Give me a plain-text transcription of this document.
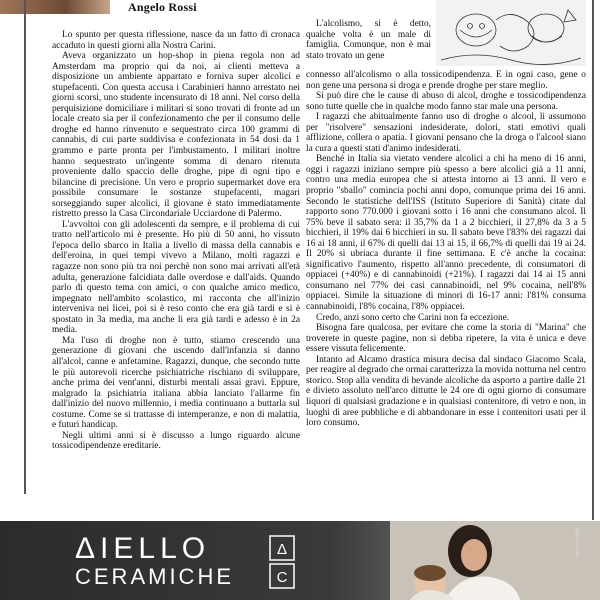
Angelo Rossi

Lo spunto per questa riflessione, nasce da un fatto di cronaca accaduto in questi giorni alla Nostra Carini.

Aveva organizzato un hop-shop in piena regola non ad Amsterdam ma proprio qui da noi, ai clienti metteva a disposizione un ambiente appartato e forniva super alcolici e stupefacenti. Con questa accusa i Carabinieri hanno arrestato nei giorni scorsi, uno studente incensurato di 18 anni. Nel corso della perquisizione domiciliare i militari si sono trovati di fronte ad un locale creato sia per il confezionamento che per il consumo delle droghe ed hanno rinvenuto e sequestrato circa 100 grammi di cannabis, di cui parte suddivisa e confezionata in 54 dosi da 1 grammo e parte pronta per l'imbustamento. I militari inoltre hanno sequestrato un'ingente somma di denaro ritenuta proveniente dallo spaccio delle droghe, pipe di ogni tipo e bilancine di precisione. Un vero e proprio supermarket dove era possibile consumare le sostanze stupefacenti, magari sorseggiando super alcolici, il giovane è stato immediatamente ristretto presso la Casa Circondariale Ucciardone di Palermo.

L'avvoltoi con gli adolescenti da sempre, e il problema di cui tratto nell'articolo mi è presente. Ho più di 50 anni, ho vissuto l'epoca dello sbarco in Italia a livello di massa della cannabis e dell'eroina, in quei tempi vivevo a Milano, molti ragazzi e ragazze non sono più tra noi perchè non sono mai arrivati all'età adulta, generazione falcidiata dalle overdose e dall'aids. Quando parlo di questo tema con amici, o con qualche amico medico, impegnato nell'ambito scolastico, mi racconta che all'inizio interveniva nei licei, poi si è reso conto che era già tardi e si è spostato in 3a media, ma anche lì era già tardi e adesso è in 2a media.

Ma l'uso di droghe non è tutto, stiamo crescendo una generazione di giovani che uscendo dall'infanzia si danno all'alcol, canne e anfetamine. Ragazzi, dunque, che secondo tutte le più autorevoli ricerche psichiatriche rischiano di sviluppare, anche prima dei vent'anni, disturbi mentali assai gravi. Eppure, malgrado la psichiatria italiana abbia lanciato l'allarme fin dall'inizio del nuovo millennio, i media continuano a buttarla sul costume. Come se si trattasse di intemperanze, e non di malattia, e futuri handicap.

Negli ultimi anni si è discusso a lungo riguardo alcune tossicodipendenze ereditarie.

L'alcolismo, si è detto, qualche volta è un male di famiglia. Comunque, non è mai stato trovato un gene

connesso all'alcolismo o alla tossicodipendenza. E in ogni caso, gene o non gene una persona si droga e prende droghe per stare meglio.

Si può dire che le cause di abuso di alcol, droghe e tossicodipendenza sono tutte quelle che in qualche modo fanno star male una persona.

I ragazzi che abitualmente fanno uso di droghe o alcool, li assumono per "risolvere" sensazioni indesiderate, dolori, stati emotivi quali afflizione, collera o apatia. I giovani pensano che la droga o l'alcool siano la cura a questi stati d'animo indesiderati.

Benché in Italia sia vietato vendere alcolici a chi ha meno di 16 anni, oggi i ragazzi iniziano sempre più spesso a bere alcolici già a 11 anni, contro una media europea che si attesta intorno ai 13 anni. Il vero e proprio "sballo" comincia pochi anni dopo, comunque prima dei 16 anni. Secondo le statistiche dell'ISS (Istituto Superiore di Sanità) citate dal rapporto sono 770.000 i giovani sotto i 16 anni che consumano alcol. Il 75% beve il sabato sera: il 35,7% da 1 a 2 bicchieri, il 27,8% da 3 a 5 bicchieri, il 19% dai 6 bicchieri in su. Il sabato beve l'83% dei ragazzi dai 16 ai 18 anni, il 67% di quelli dai 13 ai 15, il 66,7% di quelli dai 19 ai 24. Il 20% si ubriaca durante il fine settimana. E c'è anche la cocaina: significativo l'aumento, rispetto all'anno precedente, di consumatori di oppiacei (+40%) e di cannabinoidi (+21%). I ragazzi dai 14 ai 15 anni consumano nel 77% dei casi cannabinoidi, nel 9% cocaina, nell'8% oppiacei. Simile la situazione di minori di 16-17 anni: l'81% consuma cannabinoidi, l'8% cocaina, l'8% oppiacei.

Credo, anzi sono certo che Carini non fa eccezione.

Bisogna fare qualcosa, per evitare che come la storia di "Marina" che troverete in queste pagine, non si debba ripetere, la vita è unica e deve essere vissuta felicemente.

Intanto ad Alcamo drastica misura decisa dal sindaco Giacomo Scala, per reagire al degrado che ormai caratterizza la movida notturna nel centro storico. Stop alla vendita di bevande alcoliche da asporto a partire dalle 21 e divieto assoluto nell'arco dittutte le 24 ore di ogni giorno di consumare liquori di qualsiasi gradazione e in qualsiasi contenitore, di vetro e non, in luoghi di aree pubbliche e di abbandonare in esse i contenitori usati per il loro consumo.

ΔIELLO
CERAMICHE
Δ
C
aggiorna.com
